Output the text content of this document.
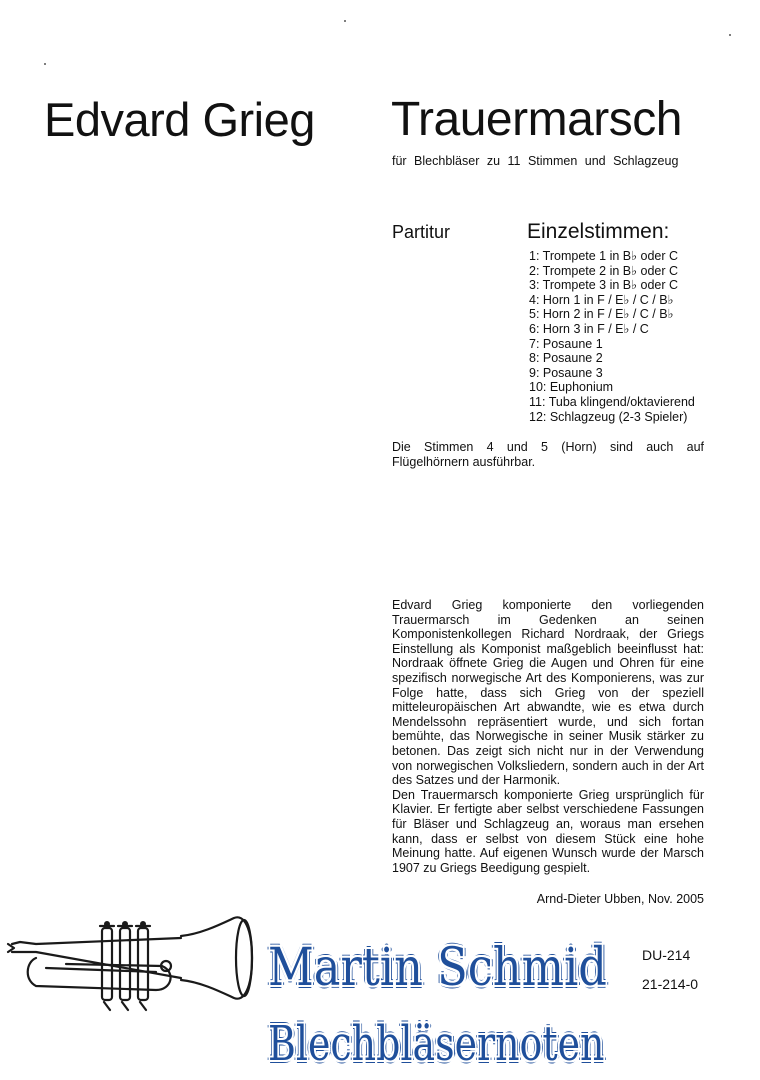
Edvard Grieg Trauermarsch
für Blechbläser zu 11 Stimmen und Schlagzeug
Partitur	Einzelstimmen:
1: Trompete 1 in B♭ oder C
2: Trompete 2 in B♭ oder C
3: Trompete 3 in B♭ oder C
4: Horn 1 in F / E♭ / C / B♭
5: Horn 2 in F / E♭ / C / B♭
6: Horn 3 in F / E♭ / C
7: Posaune 1
8: Posaune 2
9: Posaune 3
10: Euphonium
11: Tuba klingend/oktavierend
12: Schlagzeug (2-3 Spieler)
Die Stimmen 4 und 5 (Horn) sind auch auf Flügelhörnern ausführbar.

Edvard Grieg komponierte den vorliegenden Trauermarsch im Gedenken an seinen Komponistenkollegen Richard Nordraak, der Griegs Einstellung als Komponist maßgeblich beeinflusst hat: Nordraak öffnete Grieg die Augen und Ohren für eine spezifisch norwegische Art des Komponierens, was zur Folge hatte, dass sich Grieg von der speziell mitteleuropäischen Art abwandte, wie es etwa durch Mendelssohn repräsentiert wurde, und sich fortan bemühte, das Norwegische in seiner Musik stärker zu betonen. Das zeigt sich nicht nur in der Verwendung von norwegischen Volksliedern, sondern auch in der Art des Satzes und der Harmonik.

Den Trauermarsch komponierte Grieg ursprünglich für Klavier. Er fertigte aber selbst verschiedene Fassungen für Bläser und Schlagzeug an, woraus man ersehen kann, dass er selbst von diesem Stück eine hohe Meinung hatte. Auf eigenen Wunsch wurde der Marsch 1907 zu Griegs Beedigung gespielt.

Arnd-Dieter Ubben, Nov. 2005
DU-214
21-214-0
Martin Schmid
Blechbläsernoten
